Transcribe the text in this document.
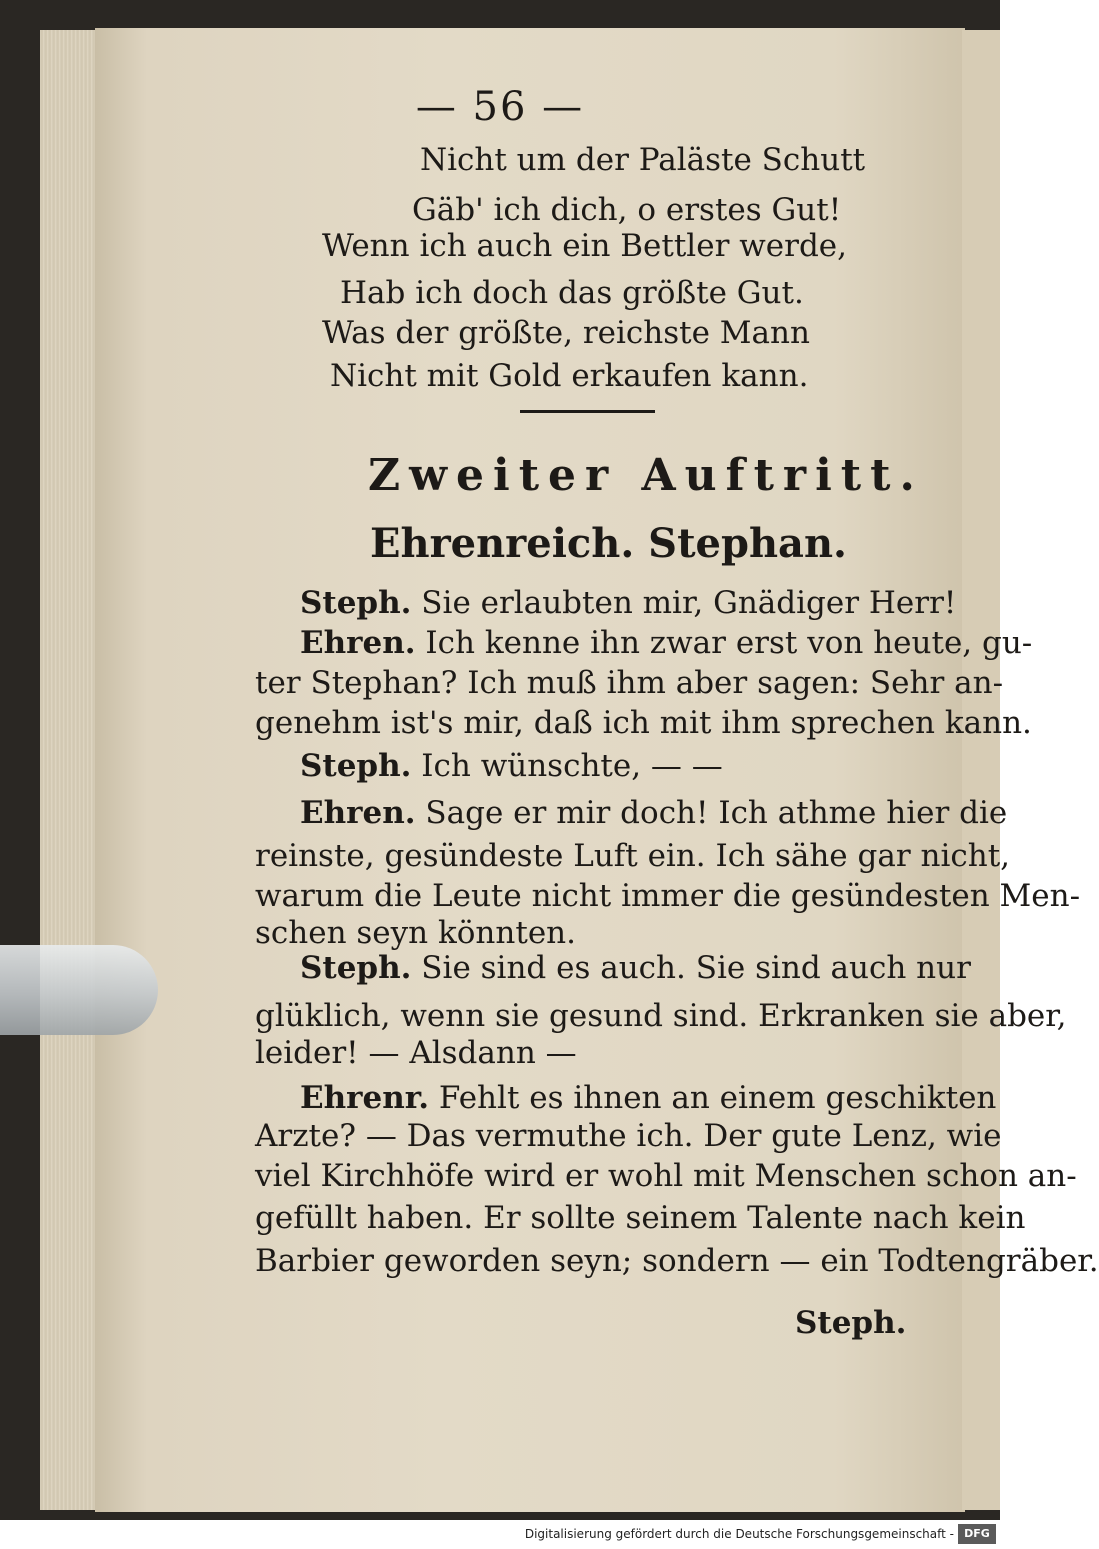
— 56 —
Nicht um der Paläste Schutt
Gäb' ich dich, o erstes Gut!
Wenn ich auch ein Bettler werde,
Hab ich doch das größte Gut.
Was der größte, reichste Mann
Nicht mit Gold erkaufen kann.
Zweiter Auftritt.
Ehrenreich. Stephan.
Steph. Sie erlaubten mir, Gnädiger Herr!
Ehren. Ich kenne ihn zwar erst von heute, gu-
ter Stephan? Ich muß ihm aber sagen: Sehr an-
genehm ist's mir, daß ich mit ihm sprechen kann.
Steph. Ich wünschte, — —
Ehren. Sage er mir doch! Ich athme hier die
reinste, gesündeste Luft ein. Ich sähe gar nicht,
warum die Leute nicht immer die gesündesten Men-
schen seyn könnten.
Steph. Sie sind es auch. Sie sind auch nur
glüklich, wenn sie gesund sind. Erkranken sie aber,
leider! — Alsdann —
Ehrenr. Fehlt es ihnen an einem geschikten
Arzte? — Das vermuthe ich. Der gute Lenz, wie
viel Kirchhöfe wird er wohl mit Menschen schon an-
gefüllt haben. Er sollte seinem Talente nach kein
Barbier geworden seyn; sondern — ein Todtengräber.
Steph.
Digitalisierung gefördert durch die Deutsche Forschungsgemeinschaft - DFG
